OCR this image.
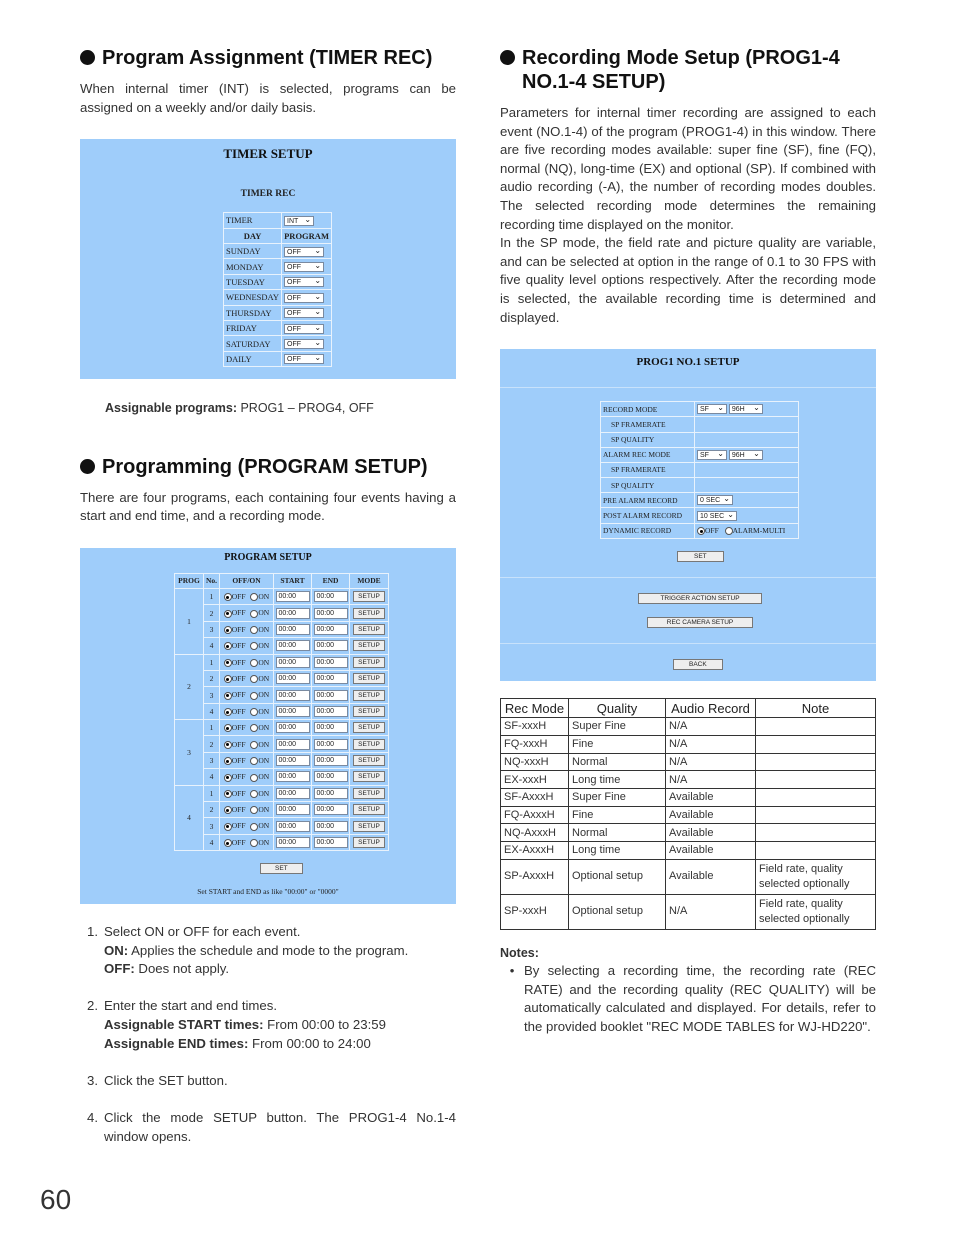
Program Assignment (TIMER REC)

When internal timer (INT) is selected, programs can be assigned on a weekly and/or daily basis.

TIMER SETUP
TIMER REC
TIMER	INT ⌄
DAY	PROGRAM
SUNDAY	OFF ⌄
MONDAY	OFF ⌄
TUESDAY	OFF ⌄
WEDNESDAY	OFF ⌄
THURSDAY	OFF ⌄
FRIDAY	OFF ⌄
SATURDAY	OFF ⌄
DAILY	OFF ⌄

Assignable programs: PROG1 – PROG4, OFF

Programming (PROGRAM SETUP)

There are four programs, each containing four events having a start and end time, and a recording mode.

PROGRAM SETUP
PROG	No.	OFF/ON	START	END	MODE
1	1	OFF ON	00:00	00:00	SETUP
	2	OFF ON	00:00	00:00	SETUP
	3	OFF ON	00:00	00:00	SETUP
	4	OFF ON	00:00	00:00	SETUP
2	1	OFF ON	00:00	00:00	SETUP
	2	OFF ON	00:00	00:00	SETUP
	3	OFF ON	00:00	00:00	SETUP
	4	OFF ON	00:00	00:00	SETUP
3	1	OFF ON	00:00	00:00	SETUP
	2	OFF ON	00:00	00:00	SETUP
	3	OFF ON	00:00	00:00	SETUP
	4	OFF ON	00:00	00:00	SETUP
4	1	OFF ON	00:00	00:00	SETUP
	2	OFF ON	00:00	00:00	SETUP
	3	OFF ON	00:00	00:00	SETUP
	4	OFF ON	00:00	00:00	SETUP
SET
Set START and END as like "00:00" or "0000"
1. Select ON or OFF for each event.
ON: Applies the schedule and mode to the program.
OFF: Does not apply.
2. Enter the start and end times.
Assignable START times: From 00:00 to 23:59
Assignable END times: From 00:00 to 24:00
3. Click the SET button.
4. Click the mode SETUP button. The PROG1-4 No.1-4 window opens.
Recording Mode Setup (PROG1-4 NO.1-4 SETUP)

Parameters for internal timer recording are assigned to each event (NO.1-4) of the program (PROG1-4) in this window. There are five recording modes available: super fine (SF), fine (FQ), normal (NQ), long-time (EX) and optional (SP). If combined with audio recording (-A), the number of recording modes doubles. The selected recording mode determines the remaining recording time displayed on the monitor.

In the SP mode, the field rate and picture quality are variable, and can be selected at option in the range of 0.1 to 30 FPS with five quality level options respectively. After the recording mode is selected, the available recording time is determined and displayed.

PROG1 NO.1 SETUP
RECORD MODE	SF ⌄ 96H ⌄
SP FRAMERATE	
SP QUALITY	
ALARM REC MODE	SF ⌄ 96H ⌄
SP FRAMERATE	
SP QUALITY	
PRE ALARM RECORD	0 SEC ⌄
POST ALARM RECORD	10 SEC ⌄
DYNAMIC RECORD	OFF ALARM-MULTI
SET
TRIGGER ACTION SETUP
REC CAMERA SETUP
BACK
Rec Mode	Quality	Audio Record	Note
SF-xxxH	Super Fine	N/A	
FQ-xxxH	Fine	N/A	
NQ-xxxH	Normal	N/A	
EX-xxxH	Long time	N/A	
SF-AxxxH	Super Fine	Available	
FQ-AxxxH	Fine	Available	
NQ-AxxxH	Normal	Available	
EX-AxxxH	Long time	Available	
SP-AxxxH	Optional setup	Available	Field rate, quality selected optionally
SP-xxxH	Optional setup	N/A	Field rate, quality selected optionally

Notes:

• By selecting a recording time, the recording rate (REC RATE) and the recording quality (REC QUALITY) will be automatically calculated and displayed. For details, refer to the provided booklet "REC MODE TABLES for WJ-HD220".
60
